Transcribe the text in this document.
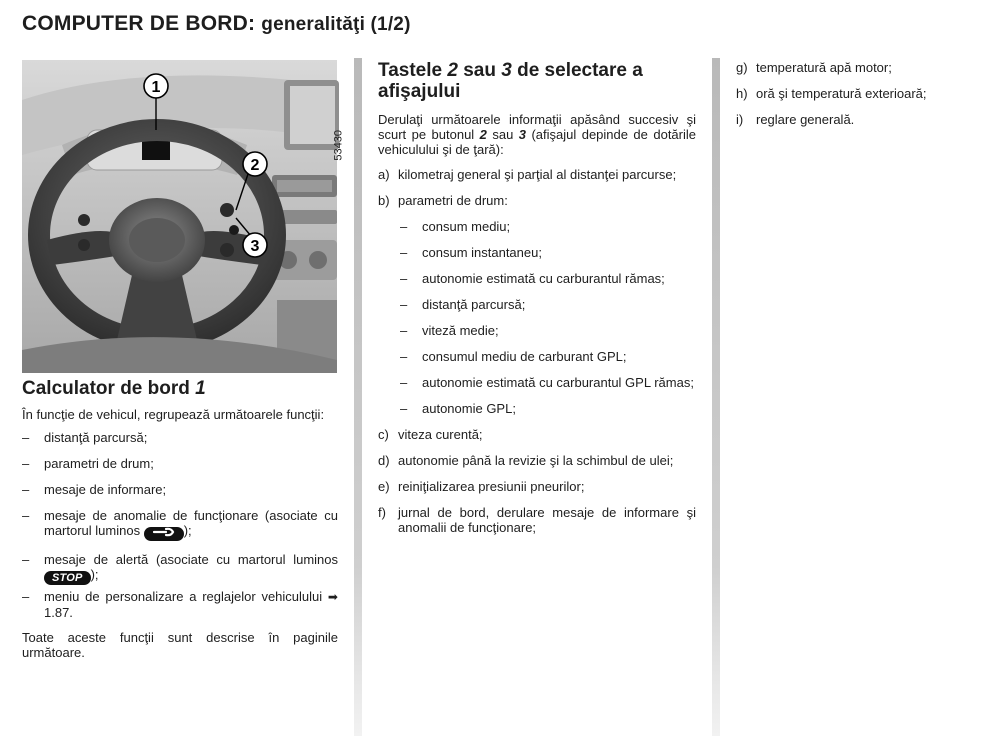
COMPUTER DE BORD: generalităţi (1/2)
1
2
3
53430
Calculator de bord 1

În funcţie de vehicul, regrupează următoarele funcţii:

– distanţă parcursă;
– parametri de drum;
– mesaje de informare;
– mesaje de anomalie de funcţionare (asociate cu martorul luminos	);
– mesaje de alertă (asociate cu martorul luminos STOP );
– meniu de personalizare a reglajelor vehiculului ➡ 1.87.

Toate aceste funcţii sunt descrise în paginile următoare.

Tastele 2 sau 3 de selectare a afişajului

Derulaţi următoarele informaţii apăsând succesiv şi scurt pe butonul 2 sau 3 (afişajul depinde de dotările vehiculului şi de ţară):

a) kilometraj general şi parţial al distanţei parcurse;
b) parametri de drum:
– consum mediu;
– consum instantaneu;
– autonomie estimată cu carburantul rămas;
– distanţă parcursă;
– viteză medie;
– consumul mediu de carburant GPL;
– autonomie estimată cu carburantul GPL rămas;
– autonomie GPL;
c) viteza curentă;
d) autonomie până la revizie şi la schimbul de ulei;
e) reiniţializarea presiunii pneurilor;
f) jurnal de bord, derulare mesaje de informare şi anomalii de funcţionare;
g) temperatură apă motor;
h) oră şi temperatură exterioară;
i) reglare generală.
